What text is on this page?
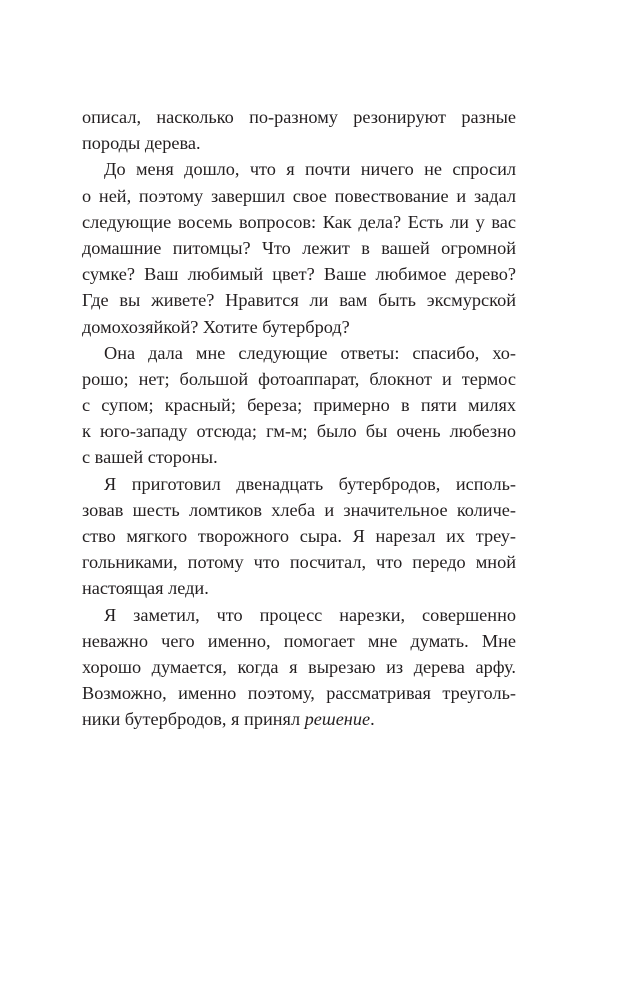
описал, насколько по-разному резонируют разные
породы дерева.
До меня дошло, что я почти ничего не спросил
о ней, поэтому завершил свое повествование и задал
следующие восемь вопросов: Как дела? Есть ли у вас
домашние питомцы? Что лежит в вашей огромной
сумке? Ваш любимый цвет? Ваше любимое дерево?
Где вы живете? Нравится ли вам быть эксмурской
домохозяйкой? Хотите бутерброд?
Она дала мне следующие ответы: спасибо, хо-
рошо; нет; большой фотоаппарат, блокнот и термос
с супом; красный; береза; примерно в пяти милях
к юго-западу отсюда; гм-м; было бы очень любезно
с вашей стороны.
Я приготовил двенадцать бутербродов, исполь-
зовав шесть ломтиков хлеба и значительное количе-
ство мягкого творожного сыра. Я нарезал их треу-
гольниками, потому что посчитал, что передо мной
настоящая леди.
Я заметил, что процесс нарезки, совершенно
неважно чего именно, помогает мне думать. Мне
хорошо думается, когда я вырезаю из дерева арфу.
Возможно, именно поэтому, рассматривая треуголь-
ники бутербродов, я принял решение.
